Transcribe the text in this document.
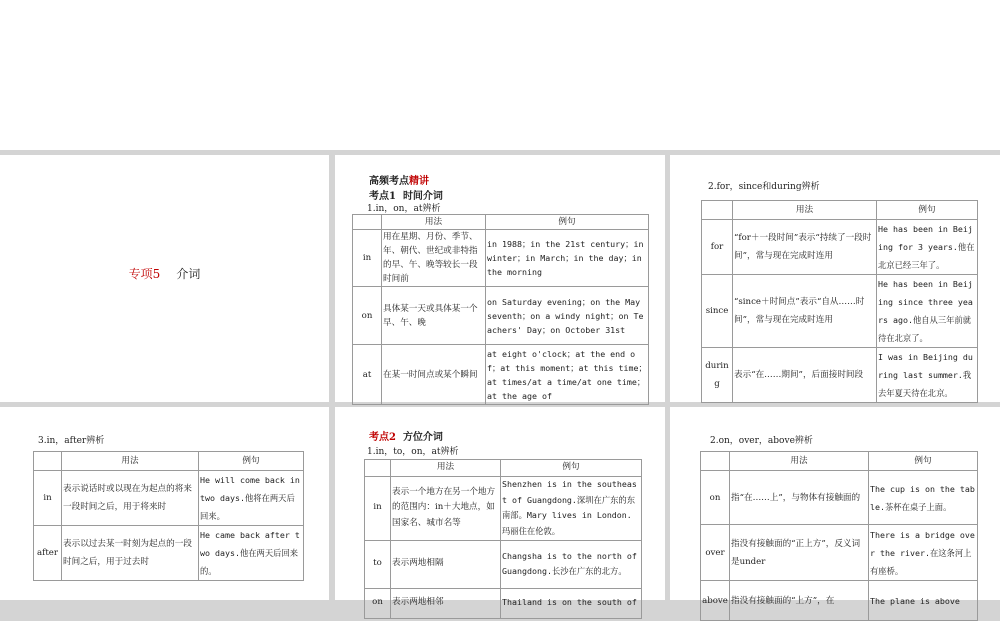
专项5 介词
高频考点精讲
考点1 时间介词
1.in，on，at辨析
	用法	例句
in	用在星期、月份、季节、年、朝代、世纪或非特指的早、午、晚等较长一段时间前	in 1988；in the 21st century；in winter；in March；in the day；in the morning
on	具体某一天或具体某一个早、午、晚	on Saturday evening；on the May seventh；on a windy night；on Teachers' Day；on October 31st
at	在某一时间点或某个瞬间	at eight o'clock；at the end of；at this moment；at this time；at times/at a time/at one time；at the age of
2.for，since和during辨析
	用法	例句
for	“for＋一段时间”表示“持续了一段时间”，常与现在完成时连用	He has been in Beijing for 3 years.他在北京已经三年了。
since	“since＋时间点”表示“自从……时间”，常与现在完成时连用	He has been in Beijing since three years ago.他自从三年前就待在北京了。
during	表示“在……期间”，后面接时间段	I was in Beijing during last summer.我去年夏天待在北京。
3.in，after辨析
	用法	例句
in	表示说话时或以现在为起点的将来一段时间之后，用于将来时	He will come back in two days.他将在两天后回来。
after	表示以过去某一时刻为起点的一段时间之后，用于过去时	He came back after two days.他在两天后回来的。
考点2 方位介词
1.in，to，on，at辨析
	用法	例句
in	表示一个地方在另一个地方的范围内：in＋大地点，如国家名、城市名等	Shenzhen is in the southeast of Guangdong.深圳在广东的东南部。Mary lives in London.玛丽住在伦敦。
to	表示两地相隔	Changsha is to the north of Guangdong.长沙在广东的北方。
on	表示两地相邻	Thailand is on the south of
2.on，over，above辨析
	用法	例句
on	指“在……上”，与物体有接触面的	The cup is on the table.茶杯在桌子上面。
over	指没有接触面的“正上方”，反义词是under	There is a bridge over the river.在这条河上有座桥。
above	指没有接触面的“上方”，在	The plane is above
